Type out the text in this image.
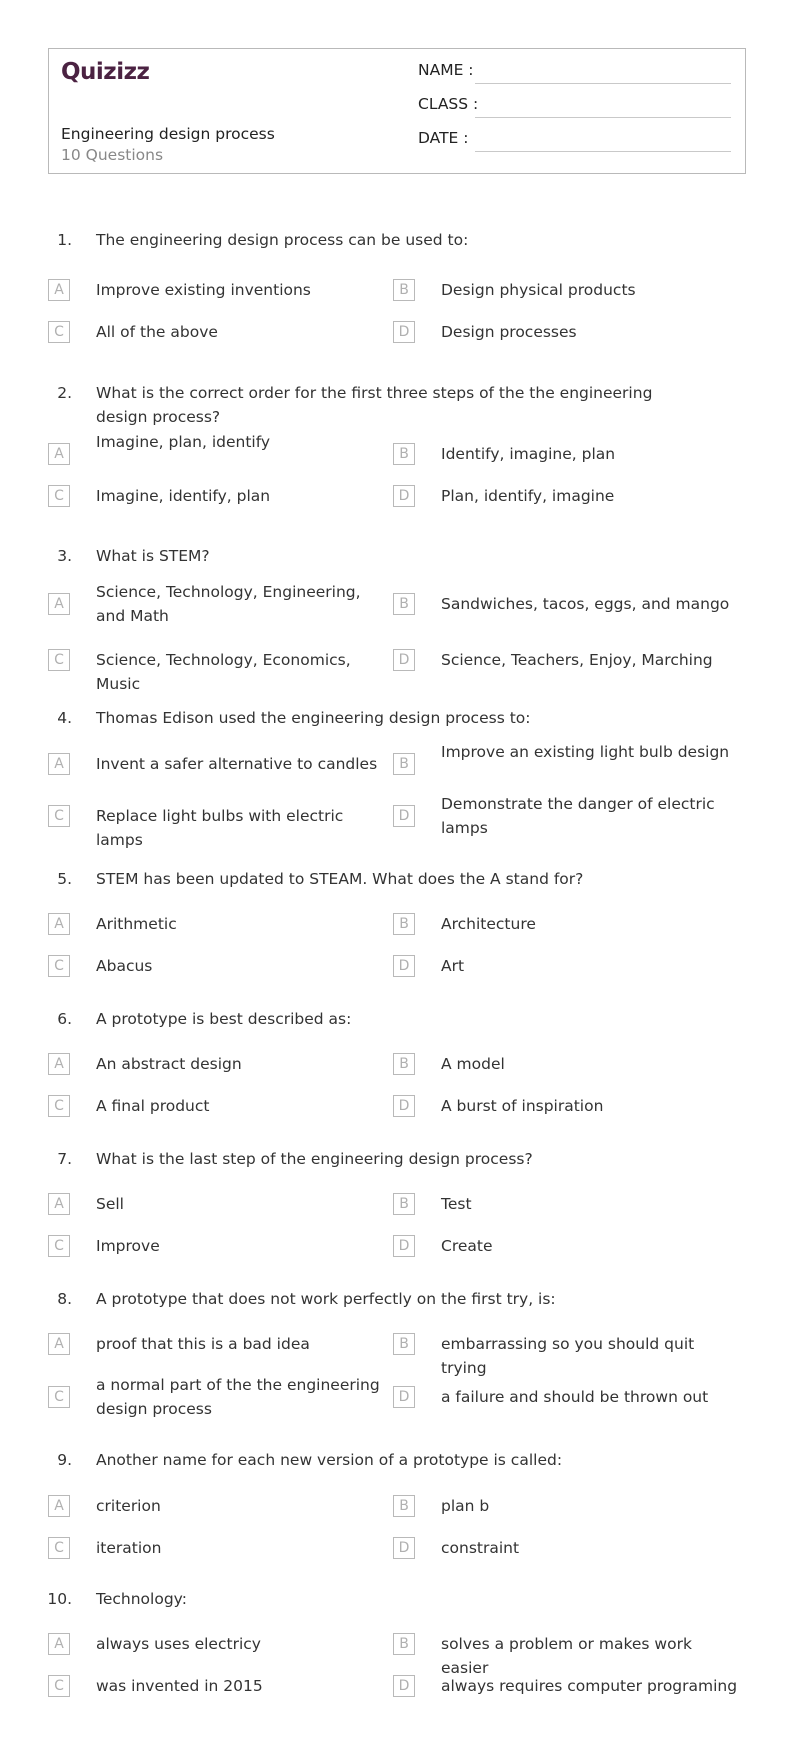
Quizizz
Engineering design process
10 Questions
NAME :
CLASS :
DATE :
1. The engineering design process can be used to:
A	Improve existing inventions	B	Design physical products
C	All of the above	D	Design processes
2. What is the correct order for the first three steps of the the engineering design process?
A
Imagine, plan, identify
B	Identify, imagine, plan
C	Imagine, identify, plan	D	Plan, identify, imagine
3. What is STEM?
A
Science, Technology, Engineering, and Math
B	Sandwiches, tacos, eggs, and mango
C	Science, Technology, Economics, Music
D	Science, Teachers, Enjoy, Marching
4. Thomas Edison used the engineering design process to:
A	Invent a safer alternative to candles	B
Improve an existing light bulb design
C	Replace light bulbs with electric lamps
D
Demonstrate the danger of electric lamps
5. STEM has been updated to STEAM. What does the A stand for?
A	Arithmetic	B	Architecture
C	Abacus	D	Art
6. A prototype is best described as:
A	An abstract design	B	A model
C	A final product	D	A burst of inspiration
7. What is the last step of the engineering design process?
A	Sell	B	Test
C	Improve	D	Create
8. A prototype that does not work perfectly on the first try, is:
A	proof that this is a bad idea	B	embarrassing so you should quit trying
C
a normal part of the the engineering design process
D	a failure and should be thrown out
9. Another name for each new version of a prototype is called:
A	criterion	B	plan b
C	iteration	D	constraint
10. Technology:
A	always uses electricy	B	solves a problem or makes work easier
C	was invented in 2015	D	always requires computer programing
